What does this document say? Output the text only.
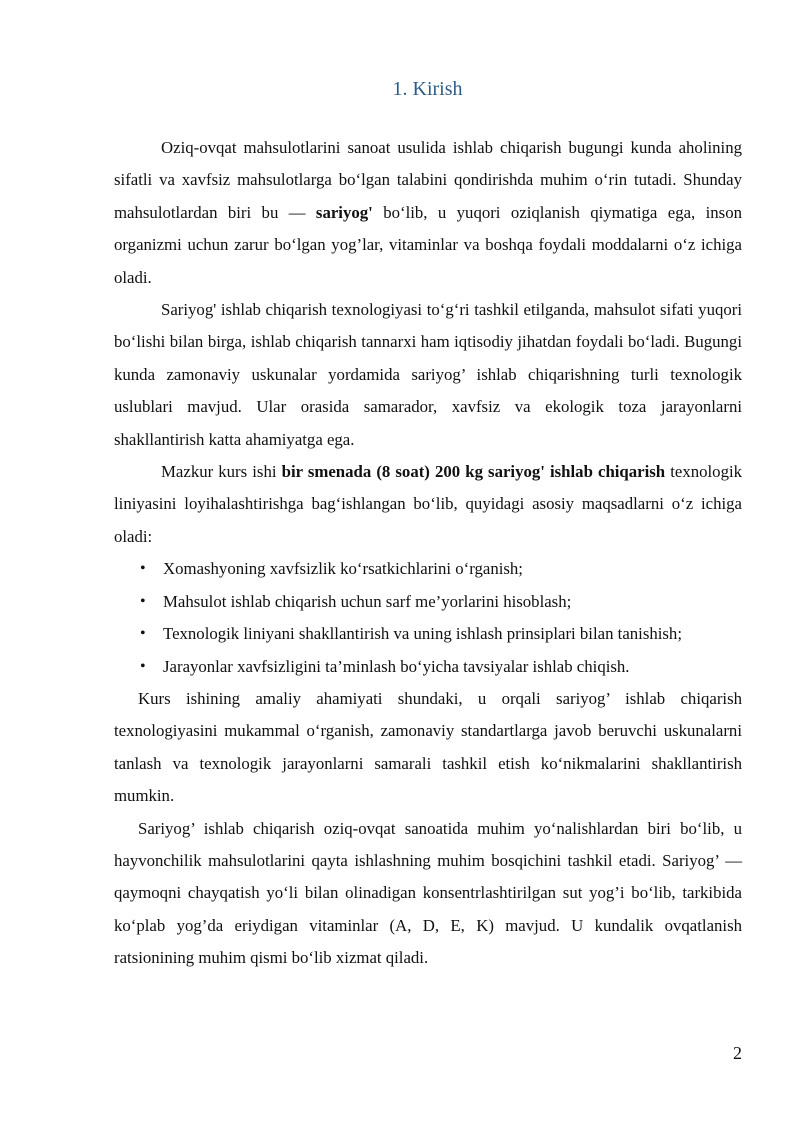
1. Kirish

Oziq-ovqat mahsulotlarini sanoat usulida ishlab chiqarish bugungi kunda aholining sifatli va xavfsiz mahsulotlarga bo‘lgan talabini qondirishda muhim o‘rin tutadi. Shunday mahsulotlardan biri bu — sariyog' bo‘lib, u yuqori oziqlanish qiymatiga ega, inson organizmi uchun zarur bo‘lgan yog’lar, vitaminlar va boshqa foydali moddalarni o‘z ichiga oladi.

Sariyog' ishlab chiqarish texnologiyasi to‘g‘ri tashkil etilganda, mahsulot sifati yuqori bo‘lishi bilan birga, ishlab chiqarish tannarxi ham iqtisodiy jihatdan foydali bo‘ladi. Bugungi kunda zamonaviy uskunalar yordamida sariyog’ ishlab chiqarishning turli texnologik uslublari mavjud. Ular orasida samarador, xavfsiz va ekologik toza jarayonlarni shakllantirish katta ahamiyatga ega.

Mazkur kurs ishi bir smenada (8 soat) 200 kg sariyog' ishlab chiqarish texnologik liniyasini loyihalashtirishga bag‘ishlangan bo‘lib, quyidagi asosiy maqsadlarni o‘z ichiga oladi:

• Xomashyoning xavfsizlik ko‘rsatkichlarini o‘rganish;
• Mahsulot ishlab chiqarish uchun sarf me’yorlarini hisoblash;
• Texnologik liniyani shakllantirish va uning ishlash prinsiplari bilan tanishish;
• Jarayonlar xavfsizligini ta’minlash bo‘yicha tavsiyalar ishlab chiqish.

Kurs ishining amaliy ahamiyati shundaki, u orqali sariyog’ ishlab chiqarish texnologiyasini mukammal o‘rganish, zamonaviy standartlarga javob beruvchi uskunalarni tanlash va texnologik jarayonlarni samarali tashkil etish ko‘nikmalarini shakllantirish mumkin.

Sariyog’ ishlab chiqarish oziq-ovqat sanoatida muhim yo‘nalishlardan biri bo‘lib, u hayvonchilik mahsulotlarini qayta ishlashning muhim bosqichini tashkil etadi. Sariyog’ — qaymoqni chayqatish yo‘li bilan olinadigan konsentrlashtirilgan sut yog’i bo‘lib, tarkibida ko‘plab yog’da eriydigan vitaminlar (A, D, E, K) mavjud. U kundalik ovqatlanish ratsionining muhim qismi bo‘lib xizmat qiladi.

2
